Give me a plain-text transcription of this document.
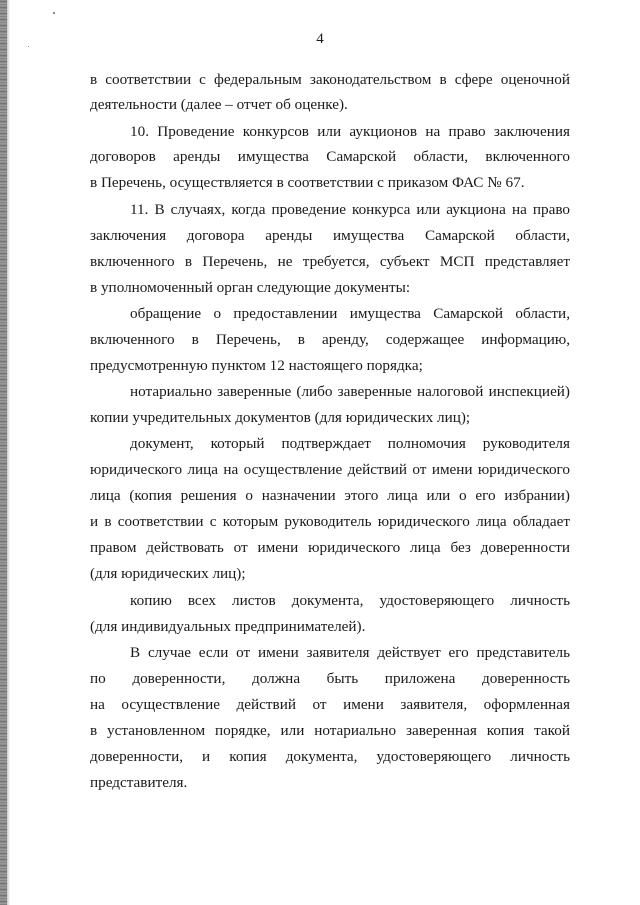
4
в соответствии с федеральным законодательством в сфере оценочной
деятельности (далее – отчет об оценке).
10. Проведение конкурсов или аукционов на право заключения
договоров аренды имущества Самарской области, включенного
в Перечень, осуществляется в соответствии с приказом ФАС № 67.
11. В случаях, когда проведение конкурса или аукциона на право
заключения договора аренды имущества Самарской области,
включенного в Перечень, не требуется, субъект МСП представляет
в уполномоченный орган следующие документы:
обращение о предоставлении имущества Самарской области,
включенного в Перечень, в аренду, содержащее информацию,
предусмотренную пунктом 12 настоящего порядка;
нотариально заверенные (либо заверенные налоговой инспекцией)
копии учредительных документов (для юридических лиц);
документ, который подтверждает полномочия руководителя
юридического лица на осуществление действий от имени юридического
лица (копия решения о назначении этого лица или о его избрании)
и в соответствии с которым руководитель юридического лица обладает
правом действовать от имени юридического лица без доверенности
(для юридических лиц);
копию всех листов документа, удостоверяющего личность
(для индивидуальных предпринимателей).
В случае если от имени заявителя действует его представитель
по доверенности, должна быть приложена доверенность
на осуществление действий от имени заявителя, оформленная
в установленном порядке, или нотариально заверенная копия такой
доверенности, и копия документа, удостоверяющего личность
представителя.
